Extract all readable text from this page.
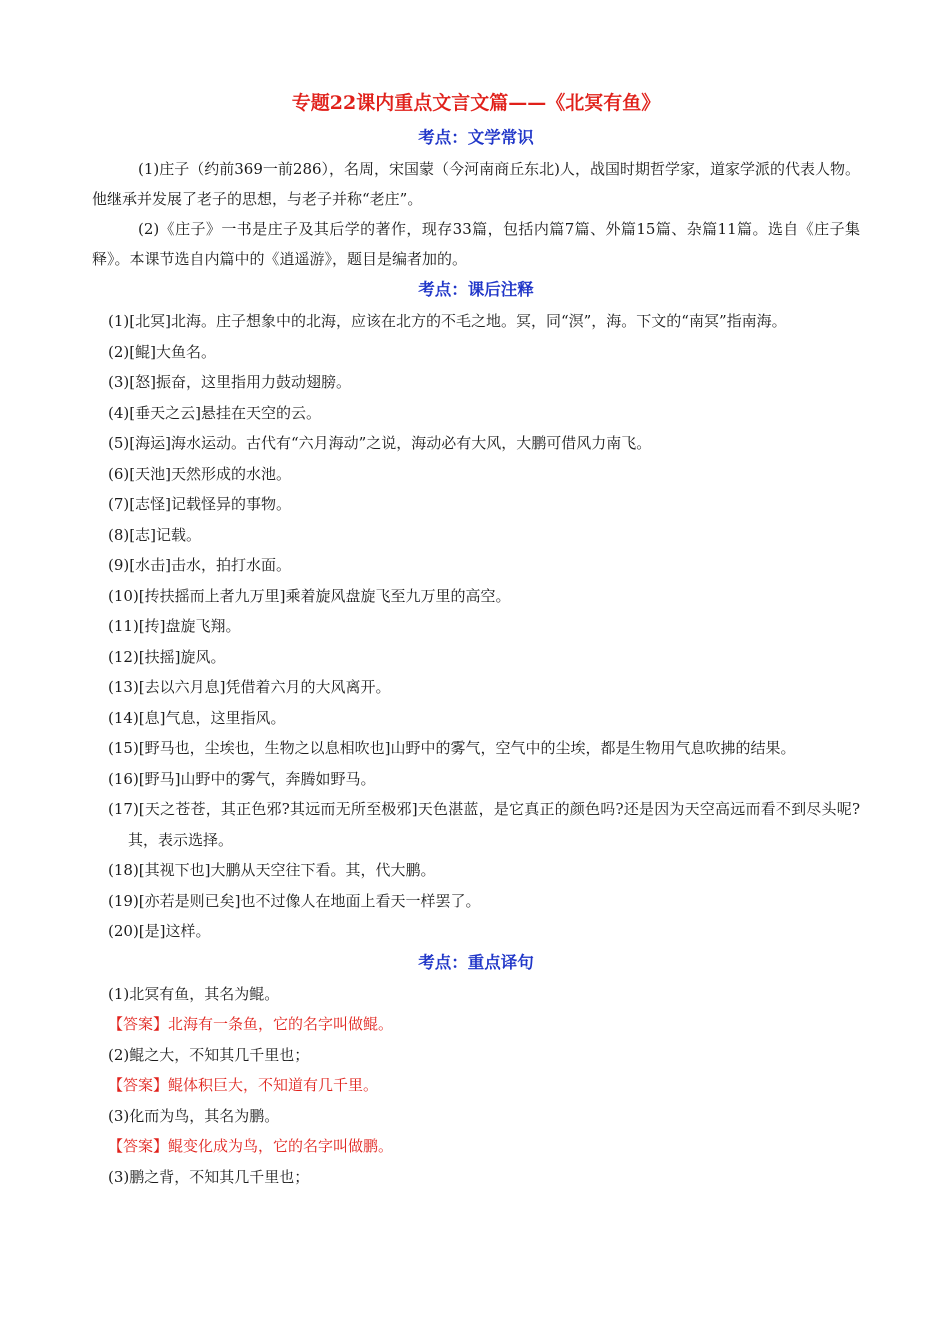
专题22课内重点文言文篇——《北冥有鱼》
考点：文学常识

(1)庄子（约前369一前286），名周，宋国蒙（今河南商丘东北)人，战国时期哲学家，道家学派的代表人物。他继承并发展了老子的思想，与老子并称“老庄”。

(2)《庄子》一书是庄子及其后学的著作，现存33篇，包括内篇7篇、外篇15篇、杂篇11篇。选自《庄子集释》。本课节选自内篇中的《逍遥游》，题目是编者加的。

考点：课后注释

(1)[北冥]北海。庄子想象中的北海，应该在北方的不毛之地。冥，同“溟”，海。下文的“南冥”指南海。

(2)[鲲]大鱼名。

(3)[怒]振奋，这里指用力鼓动翅膀。

(4)[垂天之云]悬挂在天空的云。

(5)[海运]海水运动。古代有“六月海动”之说，海动必有大风，大鹏可借风力南飞。

(6)[天池]天然形成的水池。

(7)[志怪]记载怪异的事物。

(8)[志]记载。

(9)[水击]击水，拍打水面。

(10)[抟扶摇而上者九万里]乘着旋风盘旋飞至九万里的高空。

(11)[抟]盘旋飞翔。

(12)[扶摇]旋风。

(13)[去以六月息]凭借着六月的大风离开。

(14)[息]气息，这里指风。

(15)[野马也，尘埃也，生物之以息相吹也]山野中的雾气，空气中的尘埃，都是生物用气息吹拂的结果。

(16)[野马]山野中的雾气，奔腾如野马。

(17)[天之苍苍，其正色邪?其远而无所至极邪]天色湛蓝，是它真正的颜色吗?还是因为天空高远而看不到尽头呢?其，表示选择。

(18)[其视下也]大鹏从天空往下看。其，代大鹏。

(19)[亦若是则已矣]也不过像人在地面上看天一样罢了。

(20)[是]这样。

考点：重点译句

(1)北冥有鱼，其名为鲲。

【答案】北海有一条鱼，它的名字叫做鲲。

(2)鲲之大，不知其几千里也；

【答案】鲲体积巨大，不知道有几千里。

(3)化而为鸟，其名为鹏。

【答案】鲲变化成为鸟，它的名字叫做鹏。

(3)鹏之背，不知其几千里也；
